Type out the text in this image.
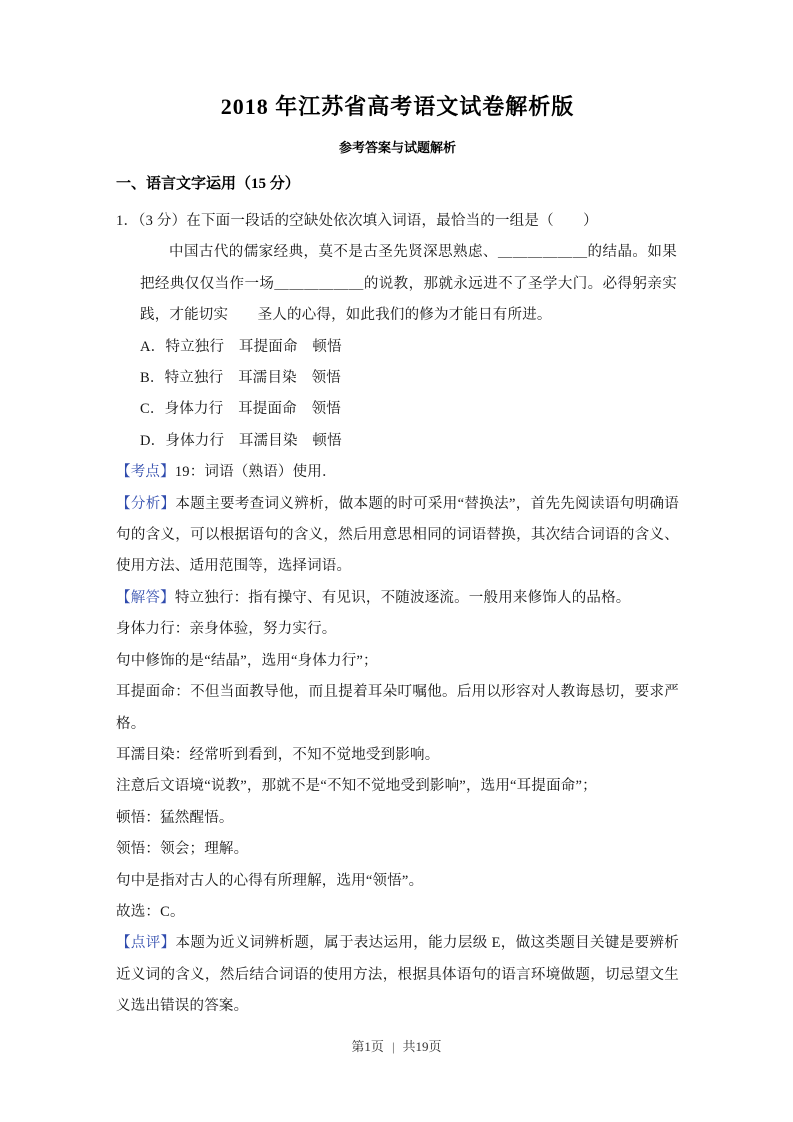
2018 年江苏省高考语文试卷解析版
参考答案与试题解析
一、语言文字运用（15 分）

1．（3 分）在下面一段话的空缺处依次填入词语，最恰当的一组是（　　）

中国古代的儒家经典，莫不是古圣先贤深思熟虑、＿＿＿＿＿＿的结晶。如果把经典仅仅当作一场＿＿＿＿＿＿的说教，那就永远进不了圣学大门。必得躬亲实践，才能切实　　圣人的心得，如此我们的修为才能日有所进。

A．特立独行　耳提面命　顿悟

B．特立独行　耳濡目染　领悟

C．身体力行　耳提面命　领悟

D．身体力行　耳濡目染　顿悟

【考点】19：词语（熟语）使用．

【分析】本题主要考查词义辨析，做本题的时可采用“替换法”，首先先阅读语句明确语句的含义，可以根据语句的含义，然后用意思相同的词语替换，其次结合词语的含义、使用方法、适用范围等，选择词语。

【解答】特立独行：指有操守、有见识，不随波逐流。一般用来修饰人的品格。

身体力行：亲身体验，努力实行。

句中修饰的是“结晶”，选用“身体力行”；

耳提面命：不但当面教导他，而且提着耳朵叮嘱他。后用以形容对人教诲恳切，要求严格。

耳濡目染：经常听到看到，不知不觉地受到影响。

注意后文语境“说教”，那就不是“不知不觉地受到影响”，选用“耳提面命”；

顿悟：猛然醒悟。

领悟：领会；理解。

句中是指对古人的心得有所理解，选用“领悟”。

故选：C。

【点评】本题为近义词辨析题，属于表达运用，能力层级 E，做这类题目关键是要辨析近义词的含义，然后结合词语的使用方法，根据具体语句的语言环境做题，切忌望文生义选出错误的答案。

第1页 | 共19页
